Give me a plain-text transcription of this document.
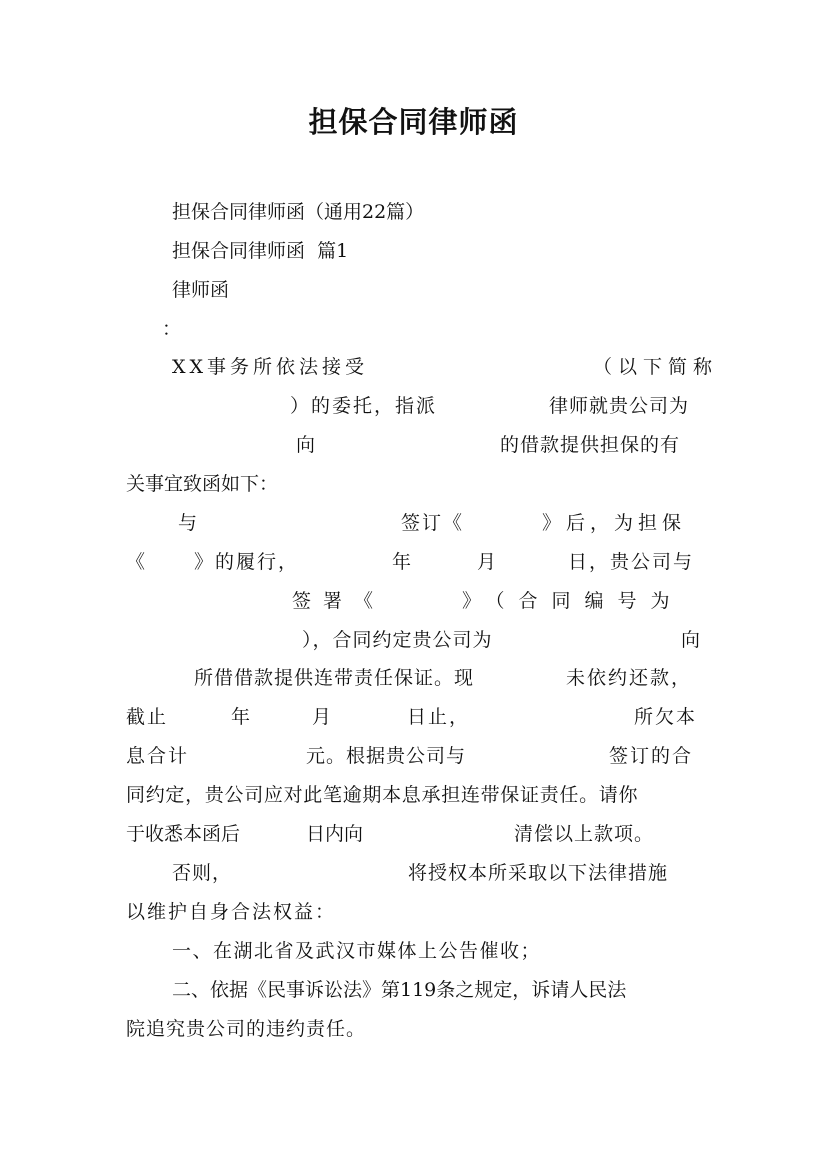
担保合同律师函
担保合同律师函（通用22篇）
担保合同律师函  篇1
律师函
：
XX事务所依法接受	（以下简称
）的委托，指派	律师就贵公司为
向	的借款提供担保的有
关事宜致函如下：
与	签订《	》后，为担保
《	》的履行，	年	月	日，贵公司与
签署《	》（合同编号为
），合同约定贵公司为	向
所借借款提供连带责任保证。现	未依约还款，
截止	年	月	日止，	所欠本
息合计	元。根据贵公司与	签订的合
同约定，贵公司应对此笔逾期本息承担连带保证责任。请你
于收悉本函后	日内向	清偿以上款项。
否则，	将授权本所采取以下法律措施
以维护自身合法权益：
一、在湖北省及武汉市媒体上公告催收；
二、依据《民事诉讼法》第119条之规定，诉请人民法
院追究贵公司的违约责任。
